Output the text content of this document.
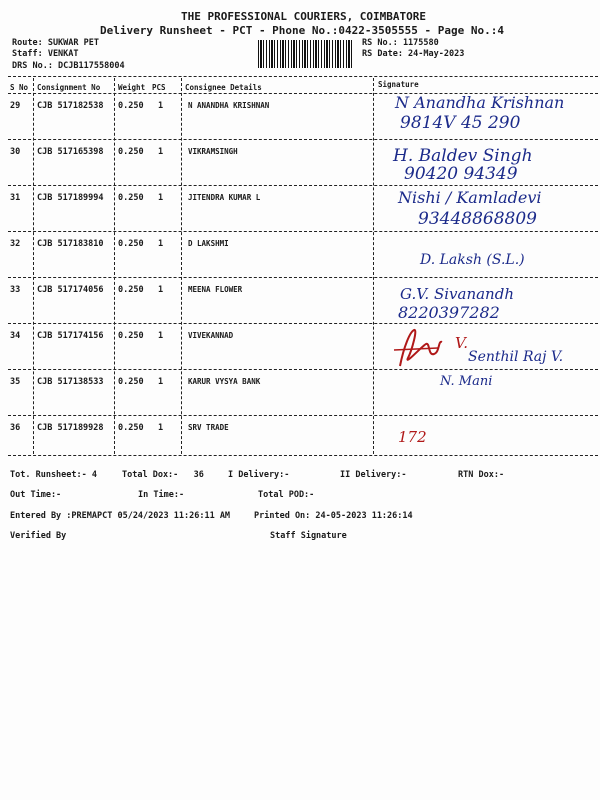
THE PROFESSIONAL COURIERS, COIMBATORE
Delivery Runsheet - PCT - Phone No.:0422-3505555 - Page No.:4
Route: SUKWAR PET
Staff: VENKAT
DRS No.: DCJB117558004
RS No.: 1175580
RS Date: 24-May-2023
S No Consignment No Weight PCS	Consignee Details	Signature
29 CJB 517182538 0.250 1	N ANANDHA KRISHNAN	N Anandha Krishnan
9814V 45 290
30 CJB 517165398 0.250 1	VIKRAMSINGH	H. Baldev Singh
90420 94349
31 CJB 517189994 0.250 1	JITENDRA KUMAR L	Nishi / Kamladevi
93448868809
32 CJB 517183810 0.250 1	D LAKSHMI
D. Laksh (S.L.)
33 CJB 517174056 0.250 1	MEENA FLOWER	G.V. Sivanandh
8220397282
34 CJB 517174156 0.250 1	VIVEKANNAD	V.
Senthil Raj V.
35 CJB 517138533 0.250 1	KARUR VYSYA BANK	N. Mani
36 CJB 517189928 0.250 1	SRV TRADE
172
Tot. Runsheet:- 4	Total Dox:-   36	I Delivery:-	II Delivery:-	RTN Dox:-
Out Time:-	In Time:-	Total POD:-
Entered By :PREMAPCT 05/24/2023 11:26:11 AM	Printed On: 24-05-2023 11:26:14
Verified By	Staff Signature
